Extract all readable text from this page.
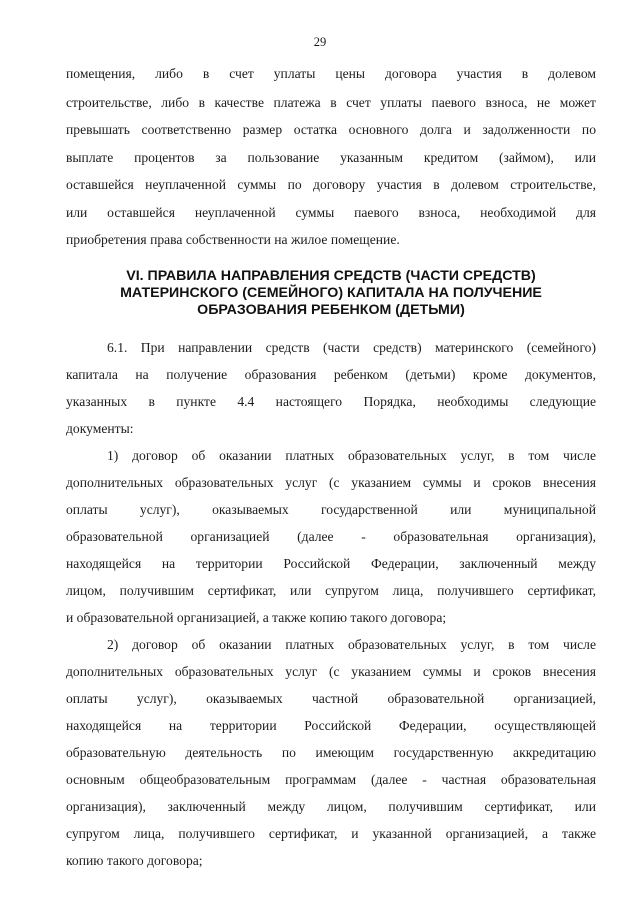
29
помещения, либо в счет уплаты цены договора участия в долевом
строительстве, либо в качестве платежа в счет уплаты паевого взноса, не может
превышать соответственно размер остатка основного долга и задолженности по
выплате процентов за пользование указанным кредитом (займом), или
оставшейся неуплаченной суммы по договору участия в долевом строительстве,
или оставшейся неуплаченной суммы паевого взноса, необходимой для
приобретения права собственности на жилое помещение.
VI. ПРАВИЛА НАПРАВЛЕНИЯ СРЕДСТВ (ЧАСТИ СРЕДСТВ)
МАТЕРИНСКОГО (СЕМЕЙНОГО) КАПИТАЛА НА ПОЛУЧЕНИЕ
ОБРАЗОВАНИЯ РЕБЕНКОМ (ДЕТЬМИ)
6.1. При направлении средств (части средств) материнского (семейного)
капитала на получение образования ребенком (детьми) кроме документов,
указанных в пункте 4.4 настоящего Порядка, необходимы следующие
документы:
1) договор об оказании платных образовательных услуг, в том числе
дополнительных образовательных услуг (с указанием суммы и сроков внесения
оплаты услуг), оказываемых государственной или муниципальной
образовательной организацией (далее - образовательная организация),
находящейся на территории Российской Федерации, заключенный между
лицом, получившим сертификат, или супругом лица, получившего сертификат,
и образовательной организацией, а также копию такого договора;
2) договор об оказании платных образовательных услуг, в том числе
дополнительных образовательных услуг (с указанием суммы и сроков внесения
оплаты услуг), оказываемых частной образовательной организацией,
находящейся на территории Российской Федерации, осуществляющей
образовательную деятельность по имеющим государственную аккредитацию
основным общеобразовательным программам (далее - частная образовательная
организация), заключенный между лицом, получившим сертификат, или
супругом лица, получившего сертификат, и указанной организацией, а также
копию такого договора;
